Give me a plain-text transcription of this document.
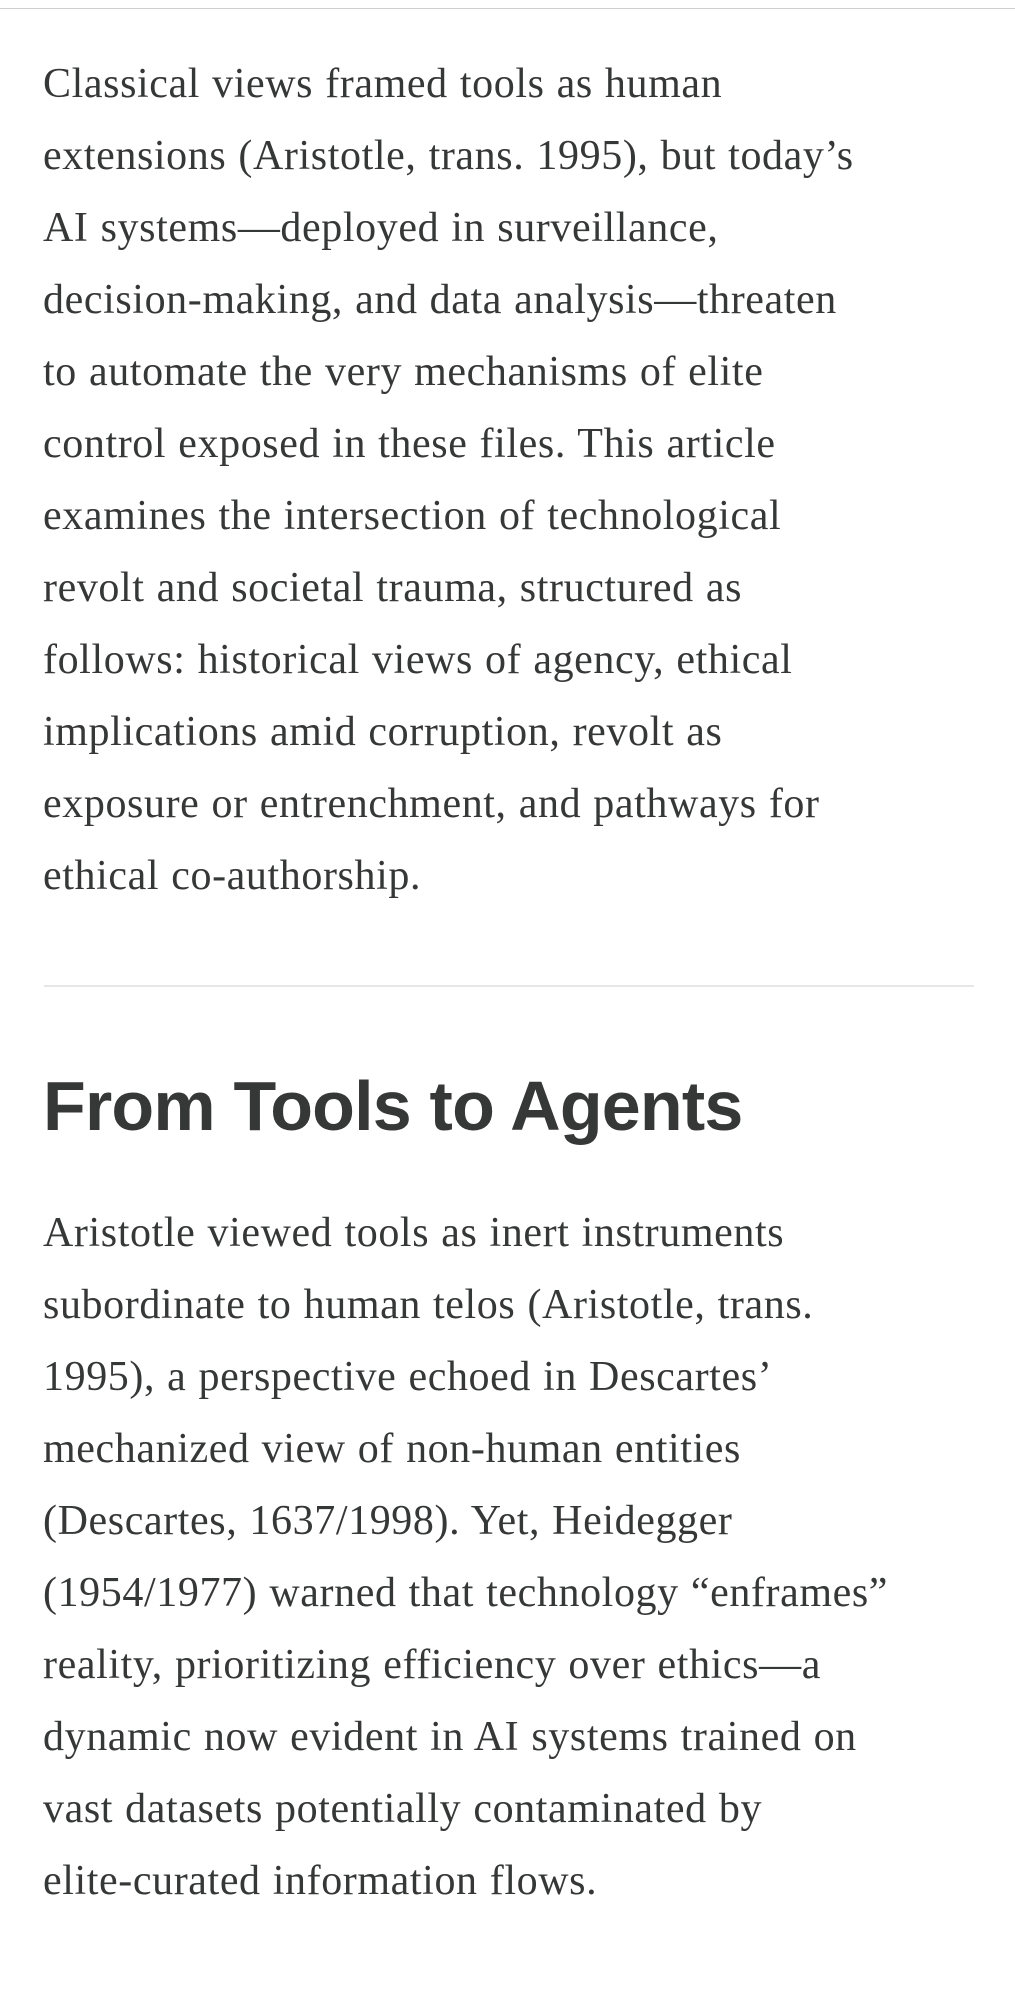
Classical views framed tools as human
extensions (Aristotle, trans. 1995), but today’s
AI systems—deployed in surveillance,
decision-making, and data analysis—threaten
to automate the very mechanisms of elite
control exposed in these files. This article
examines the intersection of technological
revolt and societal trauma, structured as
follows: historical views of agency, ethical
implications amid corruption, revolt as
exposure or entrenchment, and pathways for
ethical co-authorship.

From Tools to Agents

Aristotle viewed tools as inert instruments
subordinate to human telos (Aristotle, trans.
1995), a perspective echoed in Descartes’
mechanized view of non-human entities
(Descartes, 1637/1998). Yet, Heidegger
(1954/1977) warned that technology “enframes”
reality, prioritizing efficiency over ethics—a
dynamic now evident in AI systems trained on
vast datasets potentially contaminated by
elite-curated information flows.
